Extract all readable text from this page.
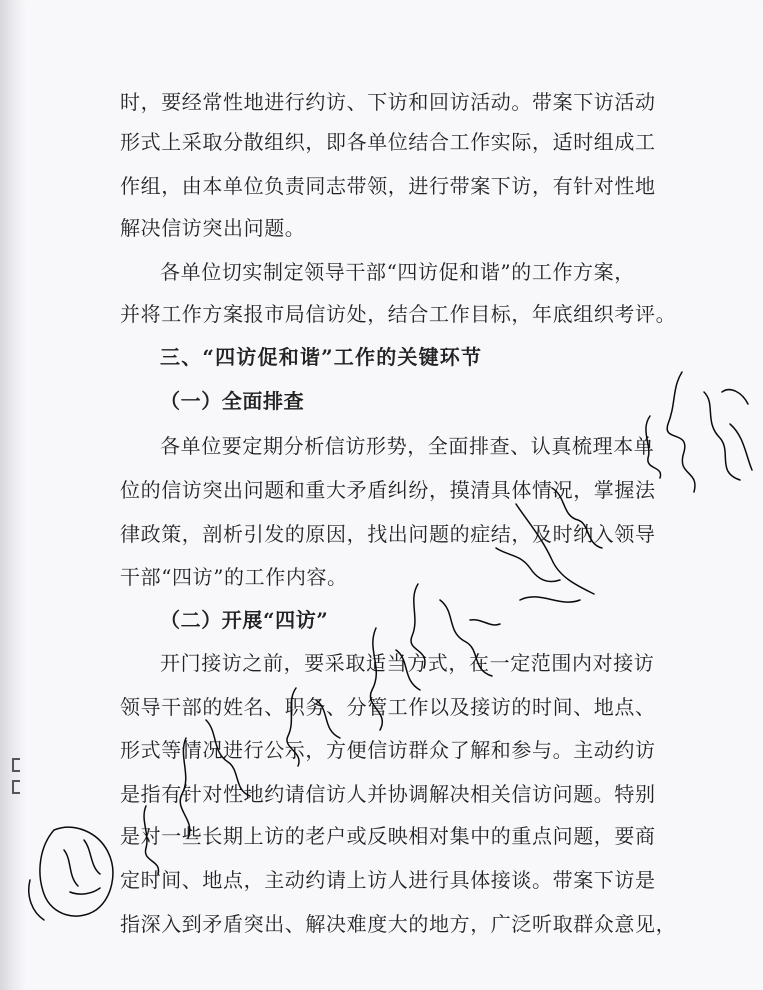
时，要经常性地进行约访、下访和回访活动。带案下访活动
形式上采取分散组织，即各单位结合工作实际，适时组成工
作组，由本单位负责同志带领，进行带案下访，有针对性地
解决信访突出问题。
各单位切实制定领导干部“四访促和谐”的工作方案，
并将工作方案报市局信访处，结合工作目标，年底组织考评。
三、“四访促和谐”工作的关键环节
（一）全面排查
各单位要定期分析信访形势，全面排查、认真梳理本单
位的信访突出问题和重大矛盾纠纷，摸清具体情况，掌握法
律政策，剖析引发的原因，找出问题的症结，及时纳入领导
干部“四访”的工作内容。
（二）开展“四访”
开门接访之前，要采取适当方式，在一定范围内对接访
领导干部的姓名、职务、分管工作以及接访的时间、地点、
形式等情况进行公示，方便信访群众了解和参与。主动约访
是指有针对性地约请信访人并协调解决相关信访问题。特别
是对一些长期上访的老户或反映相对集中的重点问题，要商
定时间、地点，主动约请上访人进行具体接谈。带案下访是
指深入到矛盾突出、解决难度大的地方，广泛听取群众意见，
